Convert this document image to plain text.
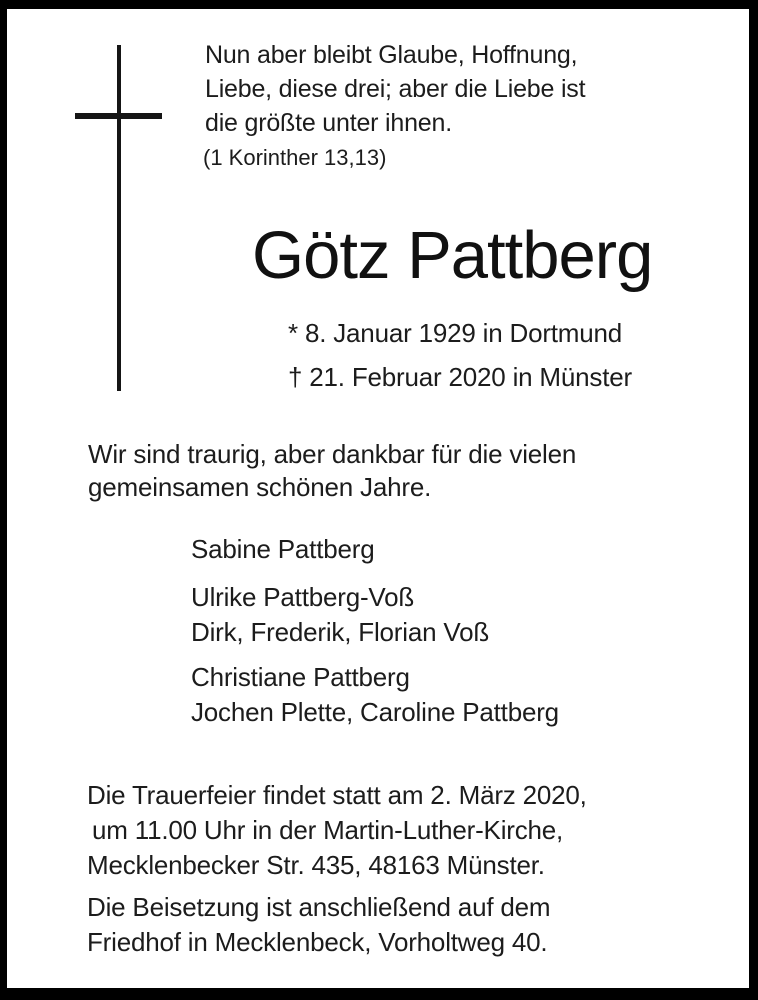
Nun aber bleibt Glaube, Hoffnung,
Liebe, diese drei; aber die Liebe ist
die größte unter ihnen.
(1 Korinther 13,13)
Götz Pattberg
* 8. Januar 1929 in Dortmund
† 21. Februar 2020 in Münster
Wir sind traurig, aber dankbar für die vielen
gemeinsamen schönen Jahre.
Sabine Pattberg
Ulrike Pattberg-Voß
Dirk, Frederik, Florian Voß
Christiane Pattberg
Jochen Plette, Caroline Pattberg
Die Trauerfeier findet statt am 2. März 2020,
um 11.00 Uhr in der Martin-Luther-Kirche,
Mecklenbecker Str. 435, 48163 Münster.
Die Beisetzung ist anschließend auf dem
Friedhof in Mecklenbeck, Vorholtweg 40.
